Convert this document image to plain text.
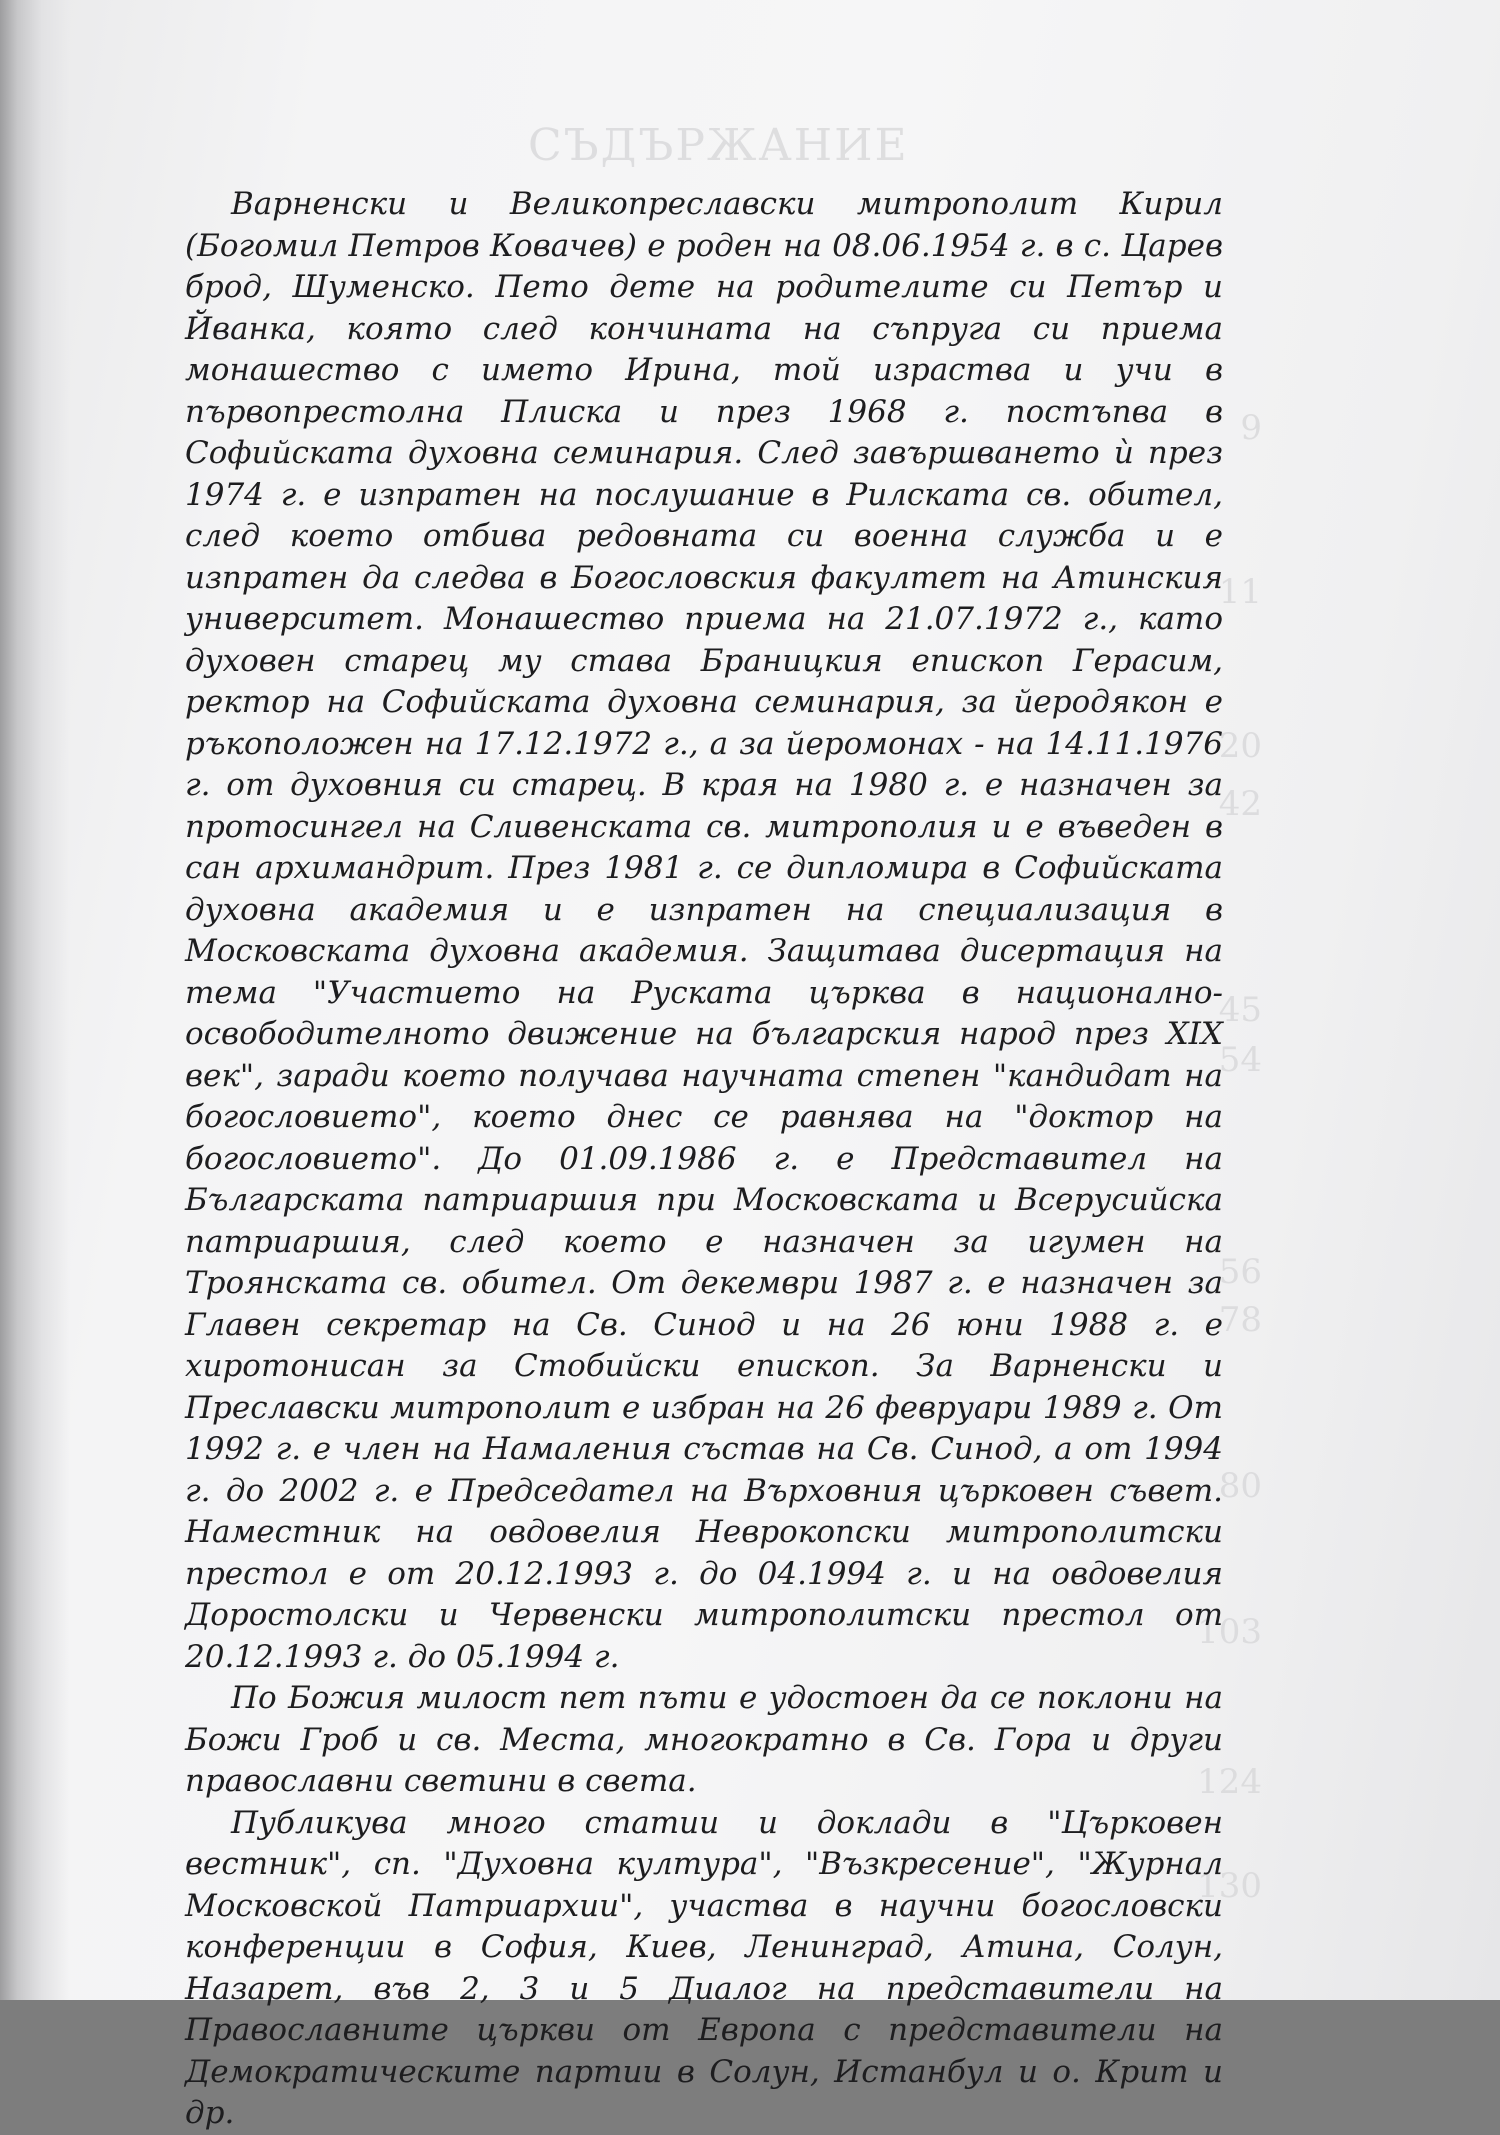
СЪДЪРЖАНИЕ
9
11
20
42
45
54
56
78
80
103
124
130

Варненски и Великопреславски митрополит Кирил (Богомил Петров Ковачев) е роден на 08.06.1954 г. в с. Царев брод, Шуменско. Пето дете на родителите си Петър и Йванка, която след кончината на съпруга си приема монашество с името Ирина, той израства и учи в първопрестолна Плиска и през 1968 г. постъпва в Софийската духовна семинария. След завършването ѝ през 1974 г. е изпратен на послушание в Рилската св. обител, след което отбива редовната си военна служба и е изпратен да следва в Богословския факултет на Атинския университет. Монашество приема на 21.07.1972 г., като духовен старец му става Браницкия епископ Герасим, ректор на Софийската духовна семинария, за йеродякон е ръкоположен на 17.12.1972 г., а за йеромонах - на 14.11.1976 г. от духовния си старец. В края на 1980 г. е назначен за протосингел на Сливенската св. митрополия и е въведен в сан архимандрит. През 1981 г. се дипломира в Софийската духовна академия и е изпратен на специализация в Московската духовна академия. Защитава дисертация на тема "Участието на Руската църква в национално-освободителното движение на българския народ през XIX век", заради което получава научната степен "кандидат на богословието", което днес се равнява на "доктор на богословието". До 01.09.1986 г. е Представител на Българската патриаршия при Московската и Всерусийска патриаршия, след което е назначен за игумен на Троянската св. обител. От декември 1987 г. е назначен за Главен секретар на Св. Синод и на 26 юни 1988 г. е хиротонисан за Стобийски епископ. За Варненски и Преславски митрополит е избран на 26 февруари 1989 г. От 1992 г. е член на Намаления състав на Св. Синод, а от 1994 г. до 2002 г. е Председател на Върховния църковен съвет. Наместник на овдовелия Неврокопски митрополитски престол е от 20.12.1993 г. до 04.1994 г. и на овдовелия Доростолски и Червенски митрополитски престол от 20.12.1993 г. до 05.1994 г.

По Божия милост пет пъти е удостоен да се поклони на Божи Гроб и св. Места, многократно в Св. Гора и други православни светини в света.

Публикува много статии и доклади в "Църковен вестник", сп. "Духовна култура", "Възкресение", "Журнал Московской Патриархии", участва в научни богословски конференции в София, Киев, Ленинград, Атина, Солун, Назарет, във 2, 3 и 5 Диалог на представители на Православните църкви от Европа с представители на Демократическите партии в Солун, Истанбул и о. Крит и др.
